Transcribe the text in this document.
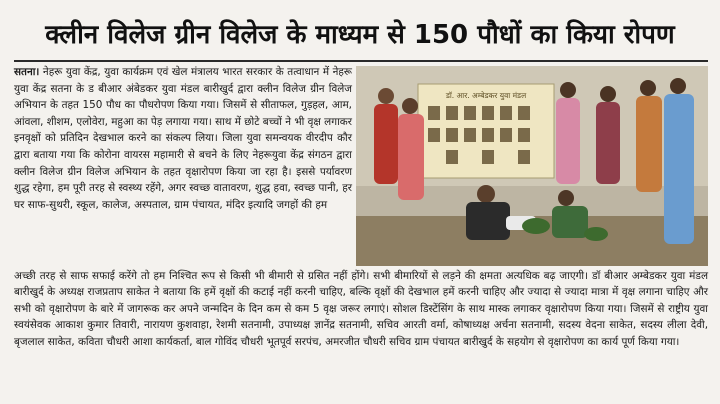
क्लीन विलेज ग्रीन विलेज के माध्यम से 150 पौधों का किया रोपण
सतना। नेहरू युवा केंद्र, युवा कार्यक्रम एवं खेल मंत्रालय भारत सरकार के तत्वाधान में नेहरू युवा केंद्र सतना के ड बीआर अंबेडकर युवा मंडल बारीखुर्द द्वारा क्लीन विलेज ग्रीन विलेज अभियान के तहत 150 पौध का पौधरोपण किया गया। जिसमें से सीताफल, गुड़हल, आम, आंवला, शीशम, एलोवेरा, महुआ का पेड़ लगाया गया। साथ में छोटे बच्चों ने भी वृक्ष लगाकर इनवृक्षों को प्रतिदिन देखभाल करने का संकल्प लिया। जिला युवा समन्वयक वीरदीप कौर द्वारा बताया गया कि कोरोना वायरस महामारी से बचने के लिए नेहरूयुवा केंद्र संगठन द्वारा क्लीन विलेज ग्रीन विलेज अभियान के तहत वृक्षारोपण किया जा रहा है। इससे पर्यावरण शुद्ध रहेगा, हम पूरी तरह से स्वस्थ्य रहेंगे, अगर स्वच्छ वातावरण, शुद्ध हवा, स्वच्छ पानी, हर घर साफ-सुथरी, स्कूल, कालेज, अस्पताल, ग्राम पंचायत, मंदिर इत्यादि जगहों की हम
डॉ. आर. अम्बेडकर युवा मंडल
अच्छी तरह से साफ सफाई करेंगे तो हम निश्चित रूप से किसी भी बीमारी से ग्रसित नहीं होंगे। सभी बीमारियों से लड़ने की क्षमता अत्यधिक बढ़ जाएगी। डॉ बीआर अम्बेडकर युवा मंडल बारीखुर्द के अध्यक्ष राजप्रताप साकेत ने बताया कि हमें वृक्षों की कटाई नहीं करनी चाहिए, बल्कि वृक्षों की देखभाल हमें करनी चाहिए और ज्यादा से ज्यादा मात्रा में वृक्ष लगाना चाहिए और सभी को वृक्षारोपण के बारे में जागरूक कर अपने जन्मदिन के दिन कम से कम 5 वृक्ष जरूर लगाएं। सोशल डिस्टेंसिंग के साथ मास्क लगाकर वृक्षारोपण किया गया। जिसमें से राष्ट्रीय युवा स्वयंसेवक आकाश कुमार तिवारी, नारायण कुशवाहा, रेशमी सतनामी, उपाध्यक्ष ज्ञानेंद्र सतनामी, सचिव आरती वर्मा, कोषाध्यक्ष अर्चना सतनामी, सदस्य वेदना साकेत, सदस्य लीला देवी, बृजलाल साकेत, कविता चौधरी आशा कार्यकर्ता, बाल गोविंद चौधरी भूतपूर्व सरपंच, अमरजीत चौधरी सचिव ग्राम पंचायत बारीखुर्द के सहयोग से वृक्षारोपण का कार्य पूर्ण किया गया।
